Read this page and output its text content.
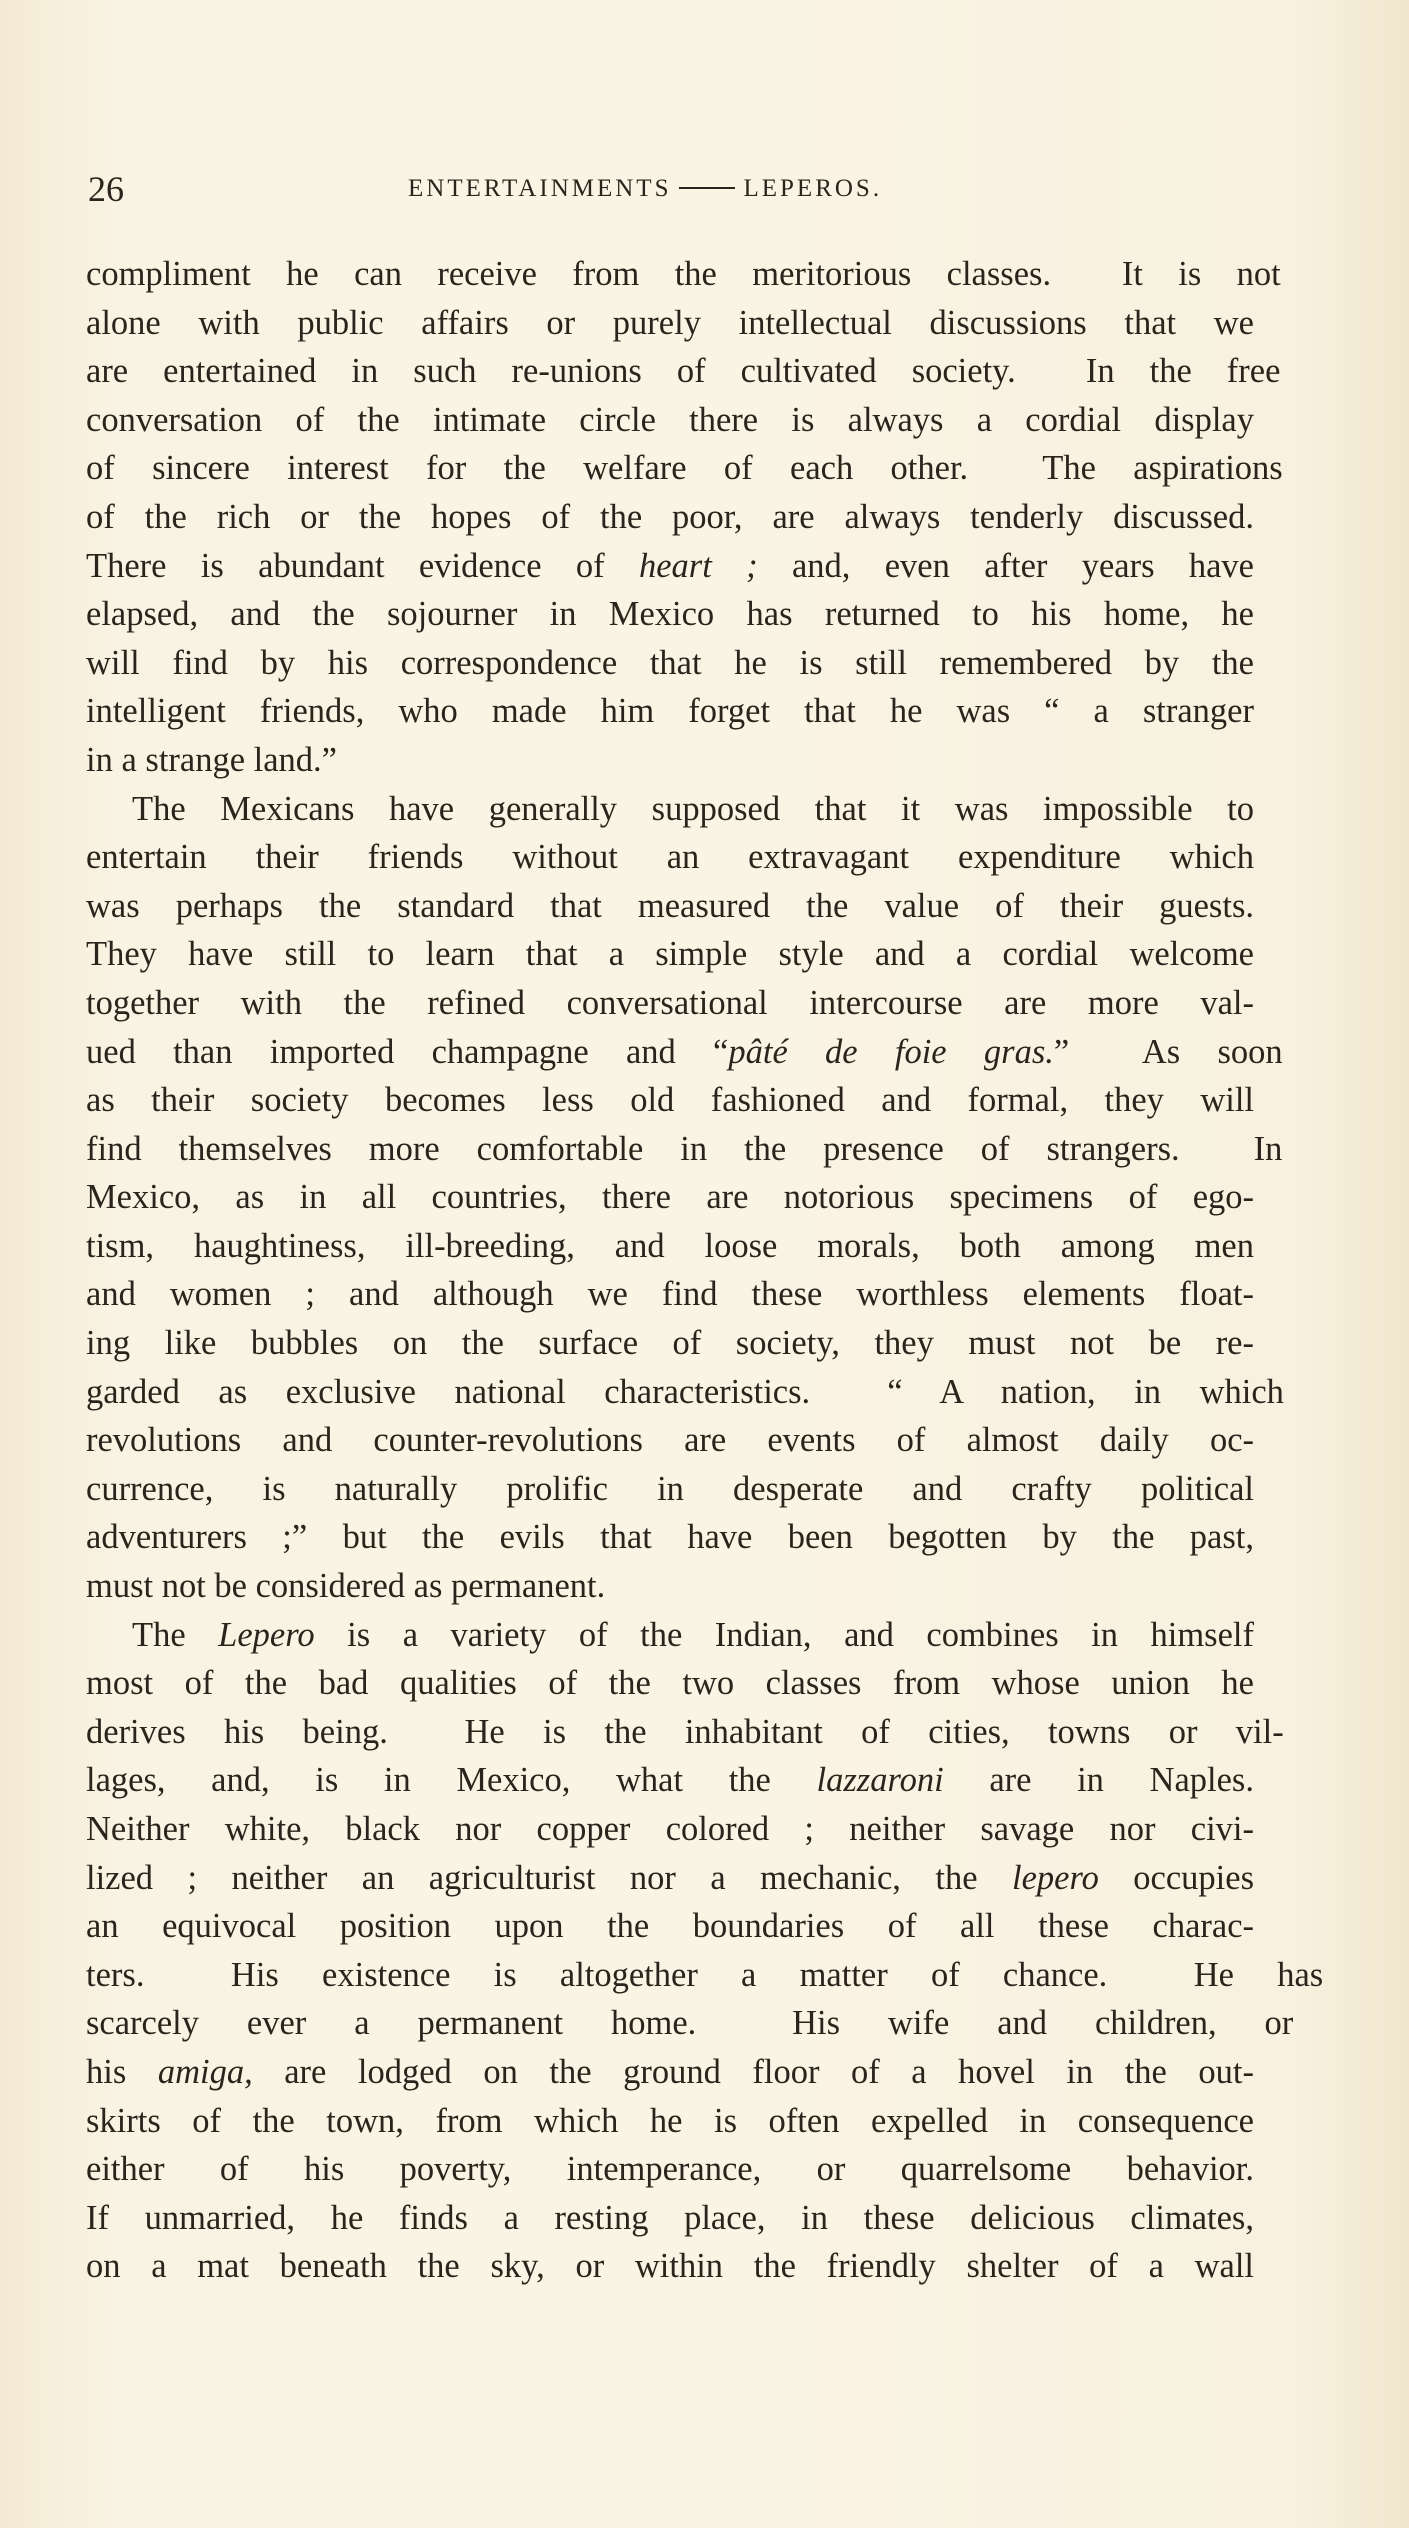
26	ENTERTAINMENTS	LEPEROS.
compliment he can receive from the meritorious classes.  It is not
alone with public affairs or purely intellectual discussions that we
are entertained in such re-unions of cultivated society.  In the free
conversation of the intimate circle there is always a cordial display
of sincere interest for the welfare of each other.  The aspirations
of the rich or the hopes of the poor, are always tenderly discussed.
There is abundant evidence of heart ; and, even after years have
elapsed, and the sojourner in Mexico has returned to his home, he
will find by his correspondence that he is still remembered by the
intelligent friends, who made him forget that he was “ a stranger
in a strange land.”
The Mexicans have generally supposed that it was impossible to
entertain their friends without an extravagant expenditure which
was perhaps the standard that measured the value of their guests.
They have still to learn that a simple style and a cordial welcome
together with the refined conversational intercourse are more val-
ued than imported champagne and “ pâté de foie gras. ”  As soon
as their society becomes less old fashioned and formal, they will
find themselves more comfortable in the presence of strangers.  In
Mexico, as in all countries, there are notorious specimens of ego-
tism, haughtiness, ill-breeding, and loose morals, both among men
and women ; and although we find these worthless elements float-
ing like bubbles on the surface of society, they must not be re-
garded as exclusive national characteristics.  “ A nation, in which
revolutions and counter-revolutions are events of almost daily oc-
currence, is naturally prolific in desperate and crafty political
adventurers ;” but the evils that have been begotten by the past,
must not be considered as permanent.
The Lepero is a variety of the Indian, and combines in himself
most of the bad qualities of the two classes from whose union he
derives his being.  He is the inhabitant of cities, towns or vil-
lages, and, is in Mexico, what the lazzaroni are in Naples.
Neither white, black nor copper colored ; neither savage nor civi-
lized ; neither an agriculturist nor a mechanic, the lepero occupies
an equivocal position upon the boundaries of all these charac-
ters.  His existence is altogether a matter of chance.  He has
scarcely ever a permanent home.  His wife and children, or
his amiga, are lodged on the ground floor of a hovel in the out-
skirts of the town, from which he is often expelled in consequence
either of his poverty, intemperance, or quarrelsome behavior.
If unmarried, he finds a resting place, in these delicious climates,
on a mat beneath the sky, or within the friendly shelter of a wall
